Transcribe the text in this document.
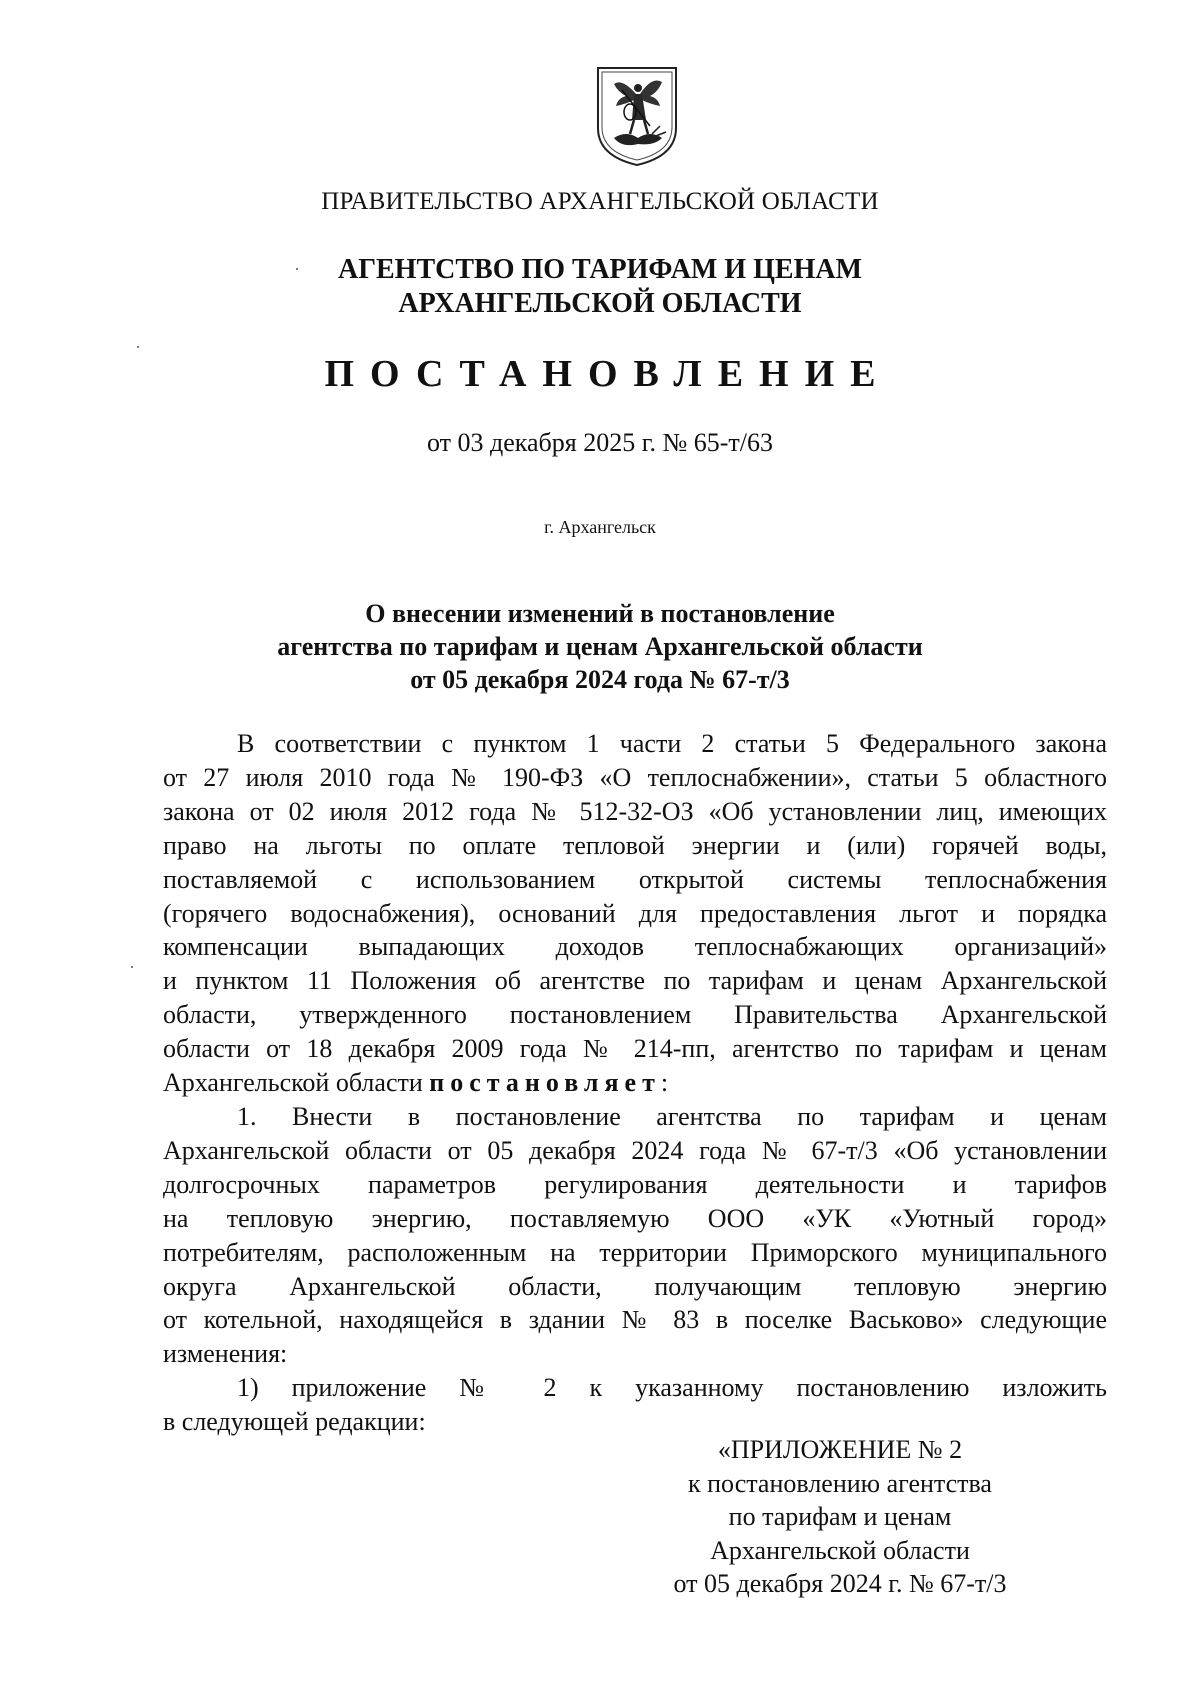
ПРАВИТЕЛЬСТВО АРХАНГЕЛЬСКОЙ ОБЛАСТИ
АГЕНТСТВО ПО ТАРИФАМ И ЦЕНАМ
АРХАНГЕЛЬСКОЙ ОБЛАСТИ
ПОСТАНОВЛЕНИЕ
от 03 декабря 2025 г. № 65-т/63
г. Архангельск
О внесении изменений в постановление
агентства по тарифам и ценам Архангельской области
от 05 декабря 2024 года № 67-т/3

В соответствии с пунктом 1 части 2 статьи 5 Федерального закона
от 27 июля 2010 года № 190-ФЗ «О теплоснабжении», статьи 5 областного
закона от 02 июля 2012 года № 512-32-ОЗ «Об установлении лиц, имеющих
право на льготы по оплате тепловой энергии и (или) горячей воды,
поставляемой с использованием открытой системы теплоснабжения
(горячего водоснабжения), оснований для предоставления льгот и порядка
компенсации выпадающих доходов теплоснабжающих организаций»
и пунктом 11 Положения об агентстве по тарифам и ценам Архангельской
области, утвержденного постановлением Правительства Архангельской
области от 18 декабря 2009 года № 214-пп, агентство по тарифам и ценам
Архангельской области постановляет:

1. Внести в постановление агентства по тарифам и ценам
Архангельской области от 05 декабря 2024 года № 67-т/3 «Об установлении
долгосрочных параметров регулирования деятельности и тарифов
на тепловую энергию, поставляемую ООО «УК «Уютный город»
потребителям, расположенным на территории Приморского муниципального
округа Архангельской области, получающим тепловую энергию
от котельной, находящейся в здании № 83 в поселке Васьково» следующие
изменения:

1) приложение № 2 к указанному постановлению изложить
в следующей редакции:

«ПРИЛОЖЕНИЕ № 2
к постановлению агентства
по тарифам и ценам
Архангельской области
от 05 декабря 2024 г. № 67-т/3
